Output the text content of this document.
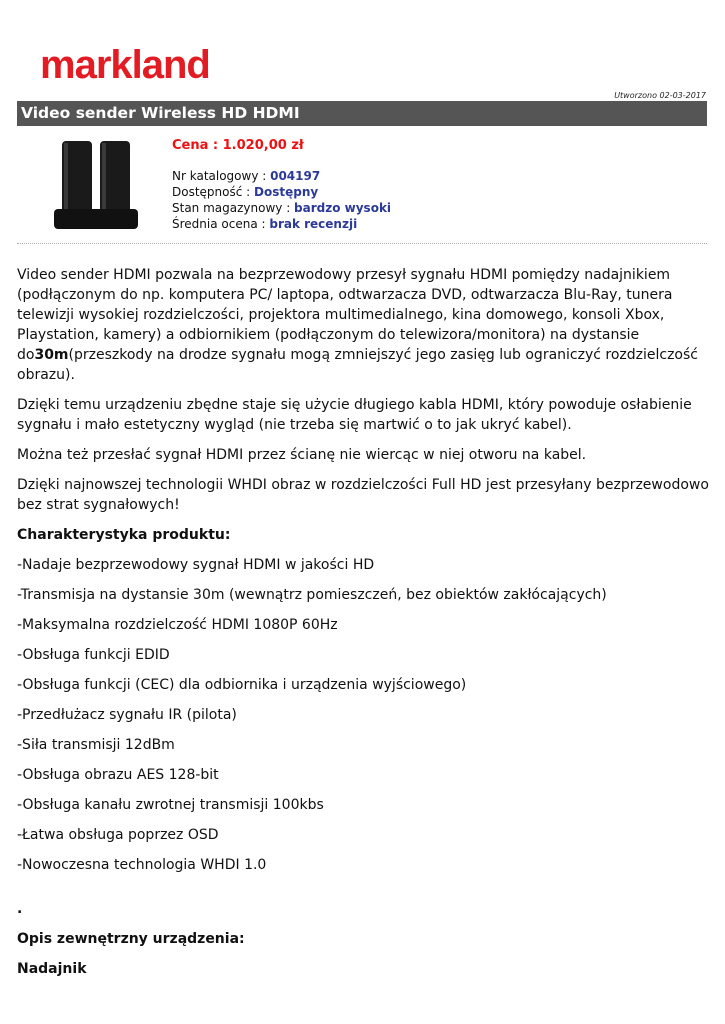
markland
Utworzono 02-03-2017
Video sender Wireless HD HDMI
Cena : 1.020,00 zł
Nr katalogowy : 004197
Dostępność : Dostępny
Stan magazynowy : bardzo wysoki
Średnia ocena : brak recenzji

Video sender HDMI pozwala na bezprzewodowy przesył sygnału HDMI pomiędzy nadajnikiem (podłączonym do np. komputera PC/ laptopa, odtwarzacza DVD, odtwarzacza Blu-Ray, tunera telewizji wysokiej rozdzielczości, projektora multimedialnego, kina domowego, konsoli Xbox, Playstation, kamery) a odbiornikiem (podłączonym do telewizora/monitora) na dystansie do30m(przeszkody na drodze sygnału mogą zmniejszyć jego zasięg lub ograniczyć rozdzielczość obrazu).

Dzięki temu urządzeniu zbędne staje się użycie długiego kabla HDMI, który powoduje osłabienie sygnału i mało estetyczny wygląd (nie trzeba się martwić o to jak ukryć kabel).

Można też przesłać sygnał HDMI przez ścianę nie wiercąc w niej otworu na kabel.

Dzięki najnowszej technologii WHDI obraz w rozdzielczości Full HD jest przesyłany bezprzewodowo bez strat sygnałowych!

Charakterystyka produktu:

-Nadaje bezprzewodowy sygnał HDMI w jakości HD

-Transmisja na dystansie 30m (wewnątrz pomieszczeń, bez obiektów zakłócających)

-Maksymalna rozdzielczość HDMI 1080P 60Hz

-Obsługa funkcji EDID

-Obsługa funkcji (CEC) dla odbiornika i urządzenia wyjściowego)

-Przedłużacz sygnału IR (pilota)

-Siła transmisji 12dBm

-Obsługa obrazu AES 128-bit

-Obsługa kanału zwrotnej transmisji 100kbs

-Łatwa obsługa poprzez OSD

-Nowoczesna technologia WHDI 1.0

.

Opis zewnętrzny urządzenia:
Nadajnik
